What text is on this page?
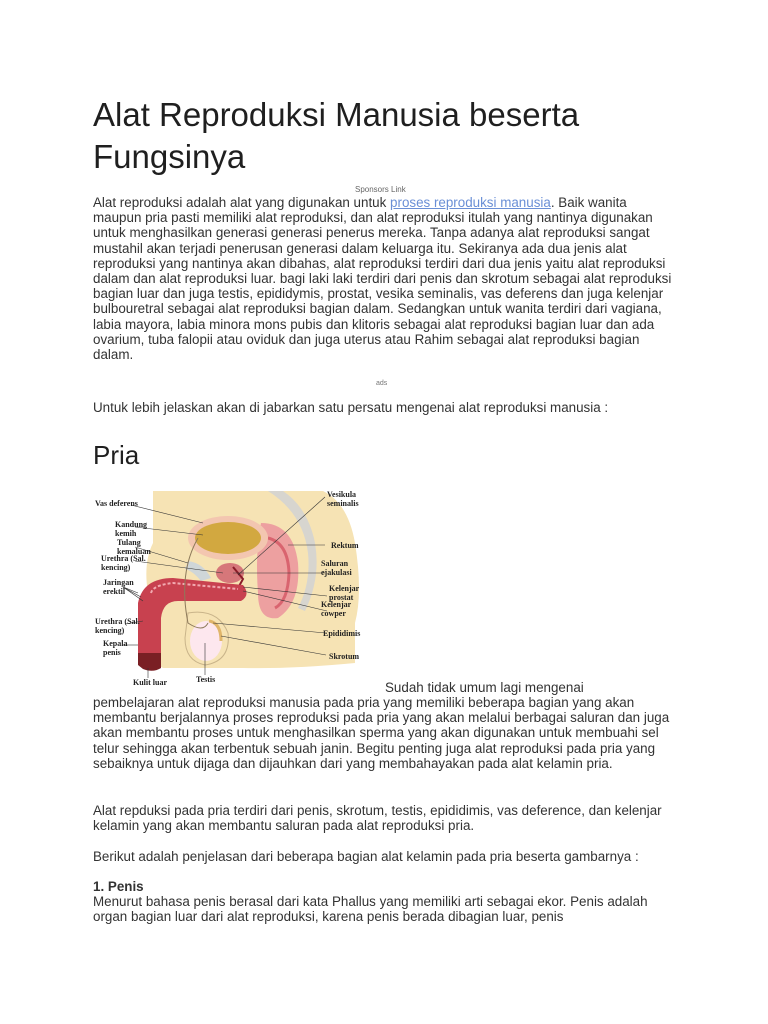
Alat Reproduksi Manusia beserta Fungsinya
Sponsors Link

Alat reproduksi adalah alat yang digunakan untuk proses reproduksi manusia. Baik wanita maupun pria pasti memiliki alat reproduksi, dan alat reproduksi itulah yang nantinya digunakan untuk menghasilkan generasi generasi penerus mereka. Tanpa adanya alat reproduksi sangat mustahil akan terjadi penerusan generasi dalam keluarga itu. Sekiranya ada dua jenis alat reproduksi yang nantinya akan dibahas, alat reproduksi terdiri dari dua jenis yaitu alat reproduksi dalam dan alat reproduksi luar. bagi laki laki terdiri dari penis dan skrotum sebagai alat reproduksi bagian luar dan juga testis, epididymis, prostat, vesika seminalis, vas deferens dan juga kelenjar bulbouretral sebagai alat reproduksi bagian dalam. Sedangkan untuk wanita terdiri dari vagiana, labia mayora, labia minora mons pubis dan klitoris sebagai alat reproduksi bagian luar dan ada ovarium, tuba falopii atau oviduk dan juga uterus atau Rahim sebagai alat reproduksi bagian dalam.

ads

Untuk lebih jelaskan akan di jabarkan satu persatu mengenai alat reproduksi manusia :

Pria
Vas deferens
Kandung kemih
Tulang kemaluan
Urethra (Sal. kencing)
Jaringan erektil
Urethra (Sal. kencing)
Kepala penis
Vesikula seminalis
Rektum
Saluran ejakulasi
Kelenjar prostat
Kelenjar cowper
Epididimis
Skrotum
Kulit luar	Testis
Sudah tidak umum lagi mengenai

pembelajaran alat reproduksi manusia pada pria yang memiliki beberapa bagian yang akan membantu berjalannya proses reproduksi pada pria yang akan melalui berbagai saluran dan juga akan membantu proses untuk menghasilkan sperma yang akan digunakan untuk membuahi sel telur sehingga akan terbentuk sebuah janin. Begitu penting juga alat reproduksi pada pria yang sebaiknya untuk dijaga dan dijauhkan dari yang membahayakan pada alat kelamin pria.

Alat repduksi pada pria terdiri dari penis, skrotum, testis, epididimis, vas deference, dan kelenjar kelamin yang akan membantu saluran pada alat reproduksi pria.

Berikut adalah penjelasan dari beberapa bagian alat kelamin pada pria beserta gambarnya :

1. Penis

Menurut bahasa penis berasal dari kata Phallus yang memiliki arti sebagai ekor. Penis adalah organ bagian luar dari alat reproduksi, karena penis berada dibagian luar, penis
